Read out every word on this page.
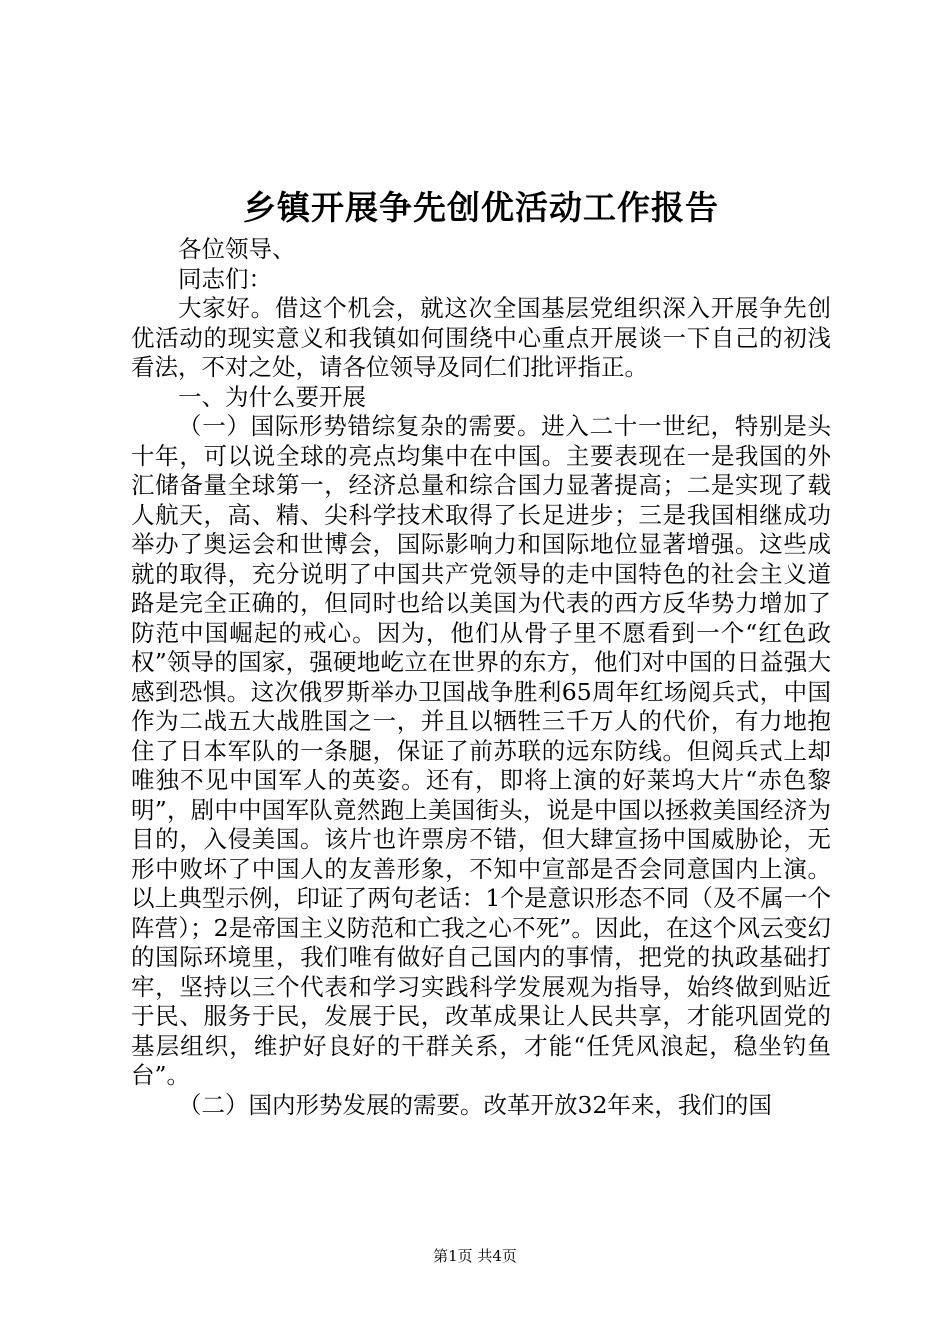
乡镇开展争先创优活动工作报告

各位领导、

同志们：

大家好。借这个机会，就这次全国基层党组织深入开展争先创优活动的现实意义和我镇如何围绕中心重点开展谈一下自己的初浅看法，不对之处，请各位领导及同仁们批评指正。

一、为什么要开展

（一）国际形势错综复杂的需要。进入二十一世纪，特别是头十年，可以说全球的亮点均集中在中国。主要表现在一是我国的外汇储备量全球第一，经济总量和综合国力显著提高；二是实现了载人航天，高、精、尖科学技术取得了长足进步；三是我国相继成功举办了奥运会和世博会，国际影响力和国际地位显著增强。这些成就的取得，充分说明了中国共产党领导的走中国特色的社会主义道路是完全正确的，但同时也给以美国为代表的西方反华势力增加了防范中国崛起的戒心。因为，他们从骨子里不愿看到一个“红色政权”领导的国家，强硬地屹立在世界的东方，他们对中国的日益强大感到恐惧。这次俄罗斯举办卫国战争胜利65周年红场阅兵式，中国作为二战五大战胜国之一，并且以牺牲三千万人的代价，有力地抱住了日本军队的一条腿，保证了前苏联的远东防线。但阅兵式上却唯独不见中国军人的英姿。还有，即将上演的好莱坞大片“赤色黎明”，剧中中国军队竟然跑上美国街头，说是中国以拯救美国经济为目的，入侵美国。该片也许票房不错，但大肆宣扬中国威胁论，无形中败坏了中国人的友善形象，不知中宣部是否会同意国内上演。以上典型示例，印证了两句老话：1个是意识形态不同（及不属一个阵营）；2是帝国主义防范和亡我之心不死”。因此，在这个风云变幻的国际环境里，我们唯有做好自己国内的事情，把党的执政基础打牢，坚持以三个代表和学习实践科学发展观为指导，始终做到贴近于民、服务于民，发展于民，改革成果让人民共享，才能巩固党的基层组织，维护好良好的干群关系，才能“任凭风浪起，稳坐钓鱼台”。

（二）国内形势发展的需要。改革开放32年来，我们的国

第1页 共4页
